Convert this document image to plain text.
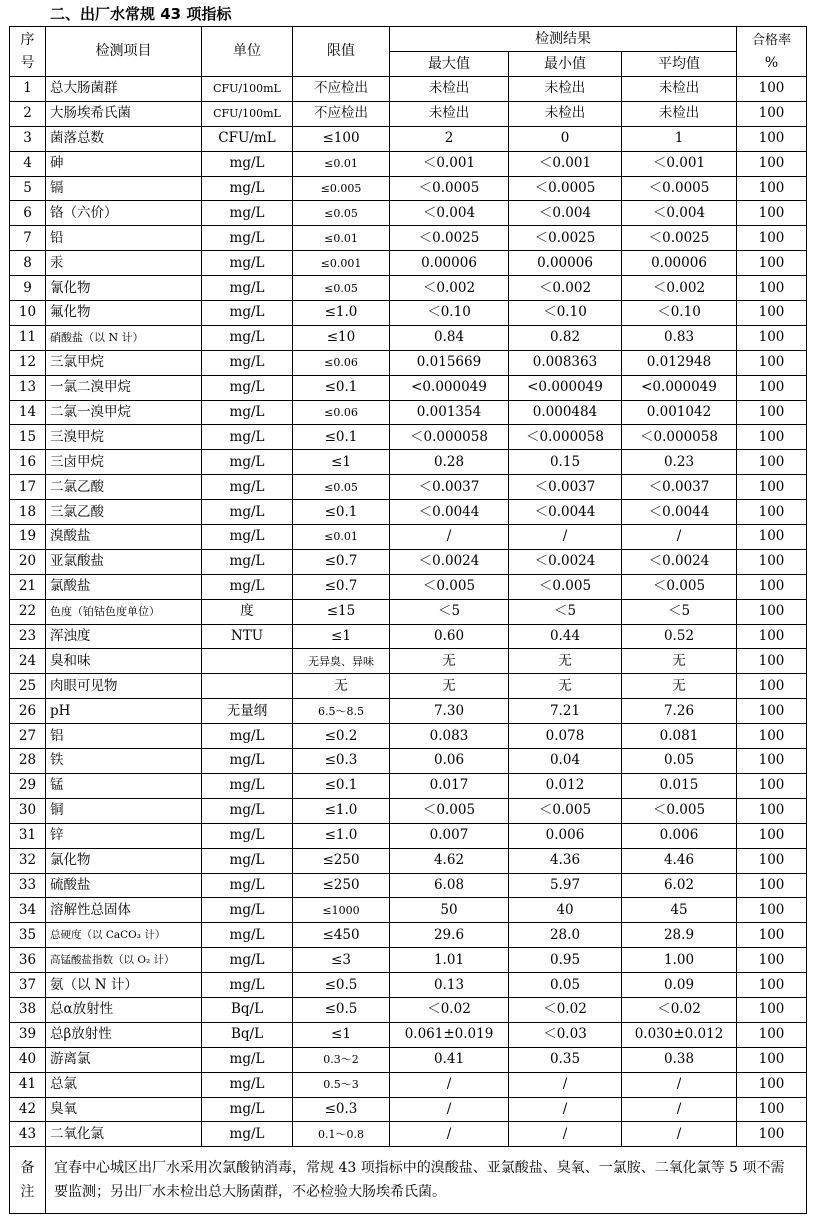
二、出厂水常规 43 项指标
序
号	检测项目	单位	限值	检测结果			合格率
%
				最大值	最小值	平均值	
1	总大肠菌群	CFU/100mL	不应检出	未检出	未检出	未检出	100
2	大肠埃希氏菌	CFU/100mL	不应检出	未检出	未检出	未检出	100
3	菌落总数	CFU/mL	≤100	2	0	1	100
4	砷	mg/L	≤0.01	＜0.001	＜0.001	＜0.001	100
5	镉	mg/L	≤0.005	＜0.0005	＜0.0005	＜0.0005	100
6	铬（六价）	mg/L	≤0.05	＜0.004	＜0.004	＜0.004	100
7	铅	mg/L	≤0.01	＜0.0025	＜0.0025	＜0.0025	100
8	汞	mg/L	≤0.001	0.00006	0.00006	0.00006	100
9	氰化物	mg/L	≤0.05	＜0.002	＜0.002	＜0.002	100
10	氟化物	mg/L	≤1.0	＜0.10	＜0.10	＜0.10	100
11	硝酸盐（以 N 计）	mg/L	≤10	0.84	0.82	0.83	100
12	三氯甲烷	mg/L	≤0.06	0.015669	0.008363	0.012948	100
13	一氯二溴甲烷	mg/L	≤0.1	<0.000049	<0.000049	<0.000049	100
14	二氯一溴甲烷	mg/L	≤0.06	0.001354	0.000484	0.001042	100
15	三溴甲烷	mg/L	≤0.1	＜0.000058	＜0.000058	＜0.000058	100
16	三卤甲烷	mg/L	≤1	0.28	0.15	0.23	100
17	二氯乙酸	mg/L	≤0.05	＜0.0037	＜0.0037	＜0.0037	100
18	三氯乙酸	mg/L	≤0.1	＜0.0044	＜0.0044	＜0.0044	100
19	溴酸盐	mg/L	≤0.01	/	/	/	100
20	亚氯酸盐	mg/L	≤0.7	＜0.0024	＜0.0024	＜0.0024	100
21	氯酸盐	mg/L	≤0.7	＜0.005	＜0.005	＜0.005	100
22	色度（铂钴色度单位）	度	≤15	＜5	＜5	＜5	100
23	浑浊度	NTU	≤1	0.60	0.44	0.52	100
24	臭和味		无异臭、异味	无	无	无	100
25	肉眼可见物		无	无	无	无	100
26	pH	无量纲	6.5～8.5	7.30	7.21	7.26	100
27	铝	mg/L	≤0.2	0.083	0.078	0.081	100
28	铁	mg/L	≤0.3	0.06	0.04	0.05	100
29	锰	mg/L	≤0.1	0.017	0.012	0.015	100
30	铜	mg/L	≤1.0	＜0.005	＜0.005	＜0.005	100
31	锌	mg/L	≤1.0	0.007	0.006	0.006	100
32	氯化物	mg/L	≤250	4.62	4.36	4.46	100
33	硫酸盐	mg/L	≤250	6.08	5.97	6.02	100
34	溶解性总固体	mg/L	≤1000	50	40	45	100
35	总硬度（以 CaCO₃ 计）	mg/L	≤450	29.6	28.0	28.9	100
36	高锰酸盐指数（以 O₂ 计）	mg/L	≤3	1.01	0.95	1.00	100
37	氨（以 N 计）	mg/L	≤0.5	0.13	0.05	0.09	100
38	总α放射性	Bq/L	≤0.5	＜0.02	＜0.02	＜0.02	100
39	总β放射性	Bq/L	≤1	0.061±0.019	＜0.03	0.030±0.012	100
40	游离氯	mg/L	0.3～2	0.41	0.35	0.38	100
41	总氯	mg/L	0.5～3	/	/	/	100
42	臭氧	mg/L	≤0.3	/	/	/	100
43	二氧化氯	mg/L	0.1～0.8	/	/	/	100
备
注	宜春中心城区出厂水采用次氯酸钠消毒，常规 43 项指标中的溴酸盐、亚氯酸盐、臭氧、一氯胺、二氧化氯等 5 项不需要监测；另出厂水未检出总大肠菌群，不必检验大肠埃希氏菌。						
